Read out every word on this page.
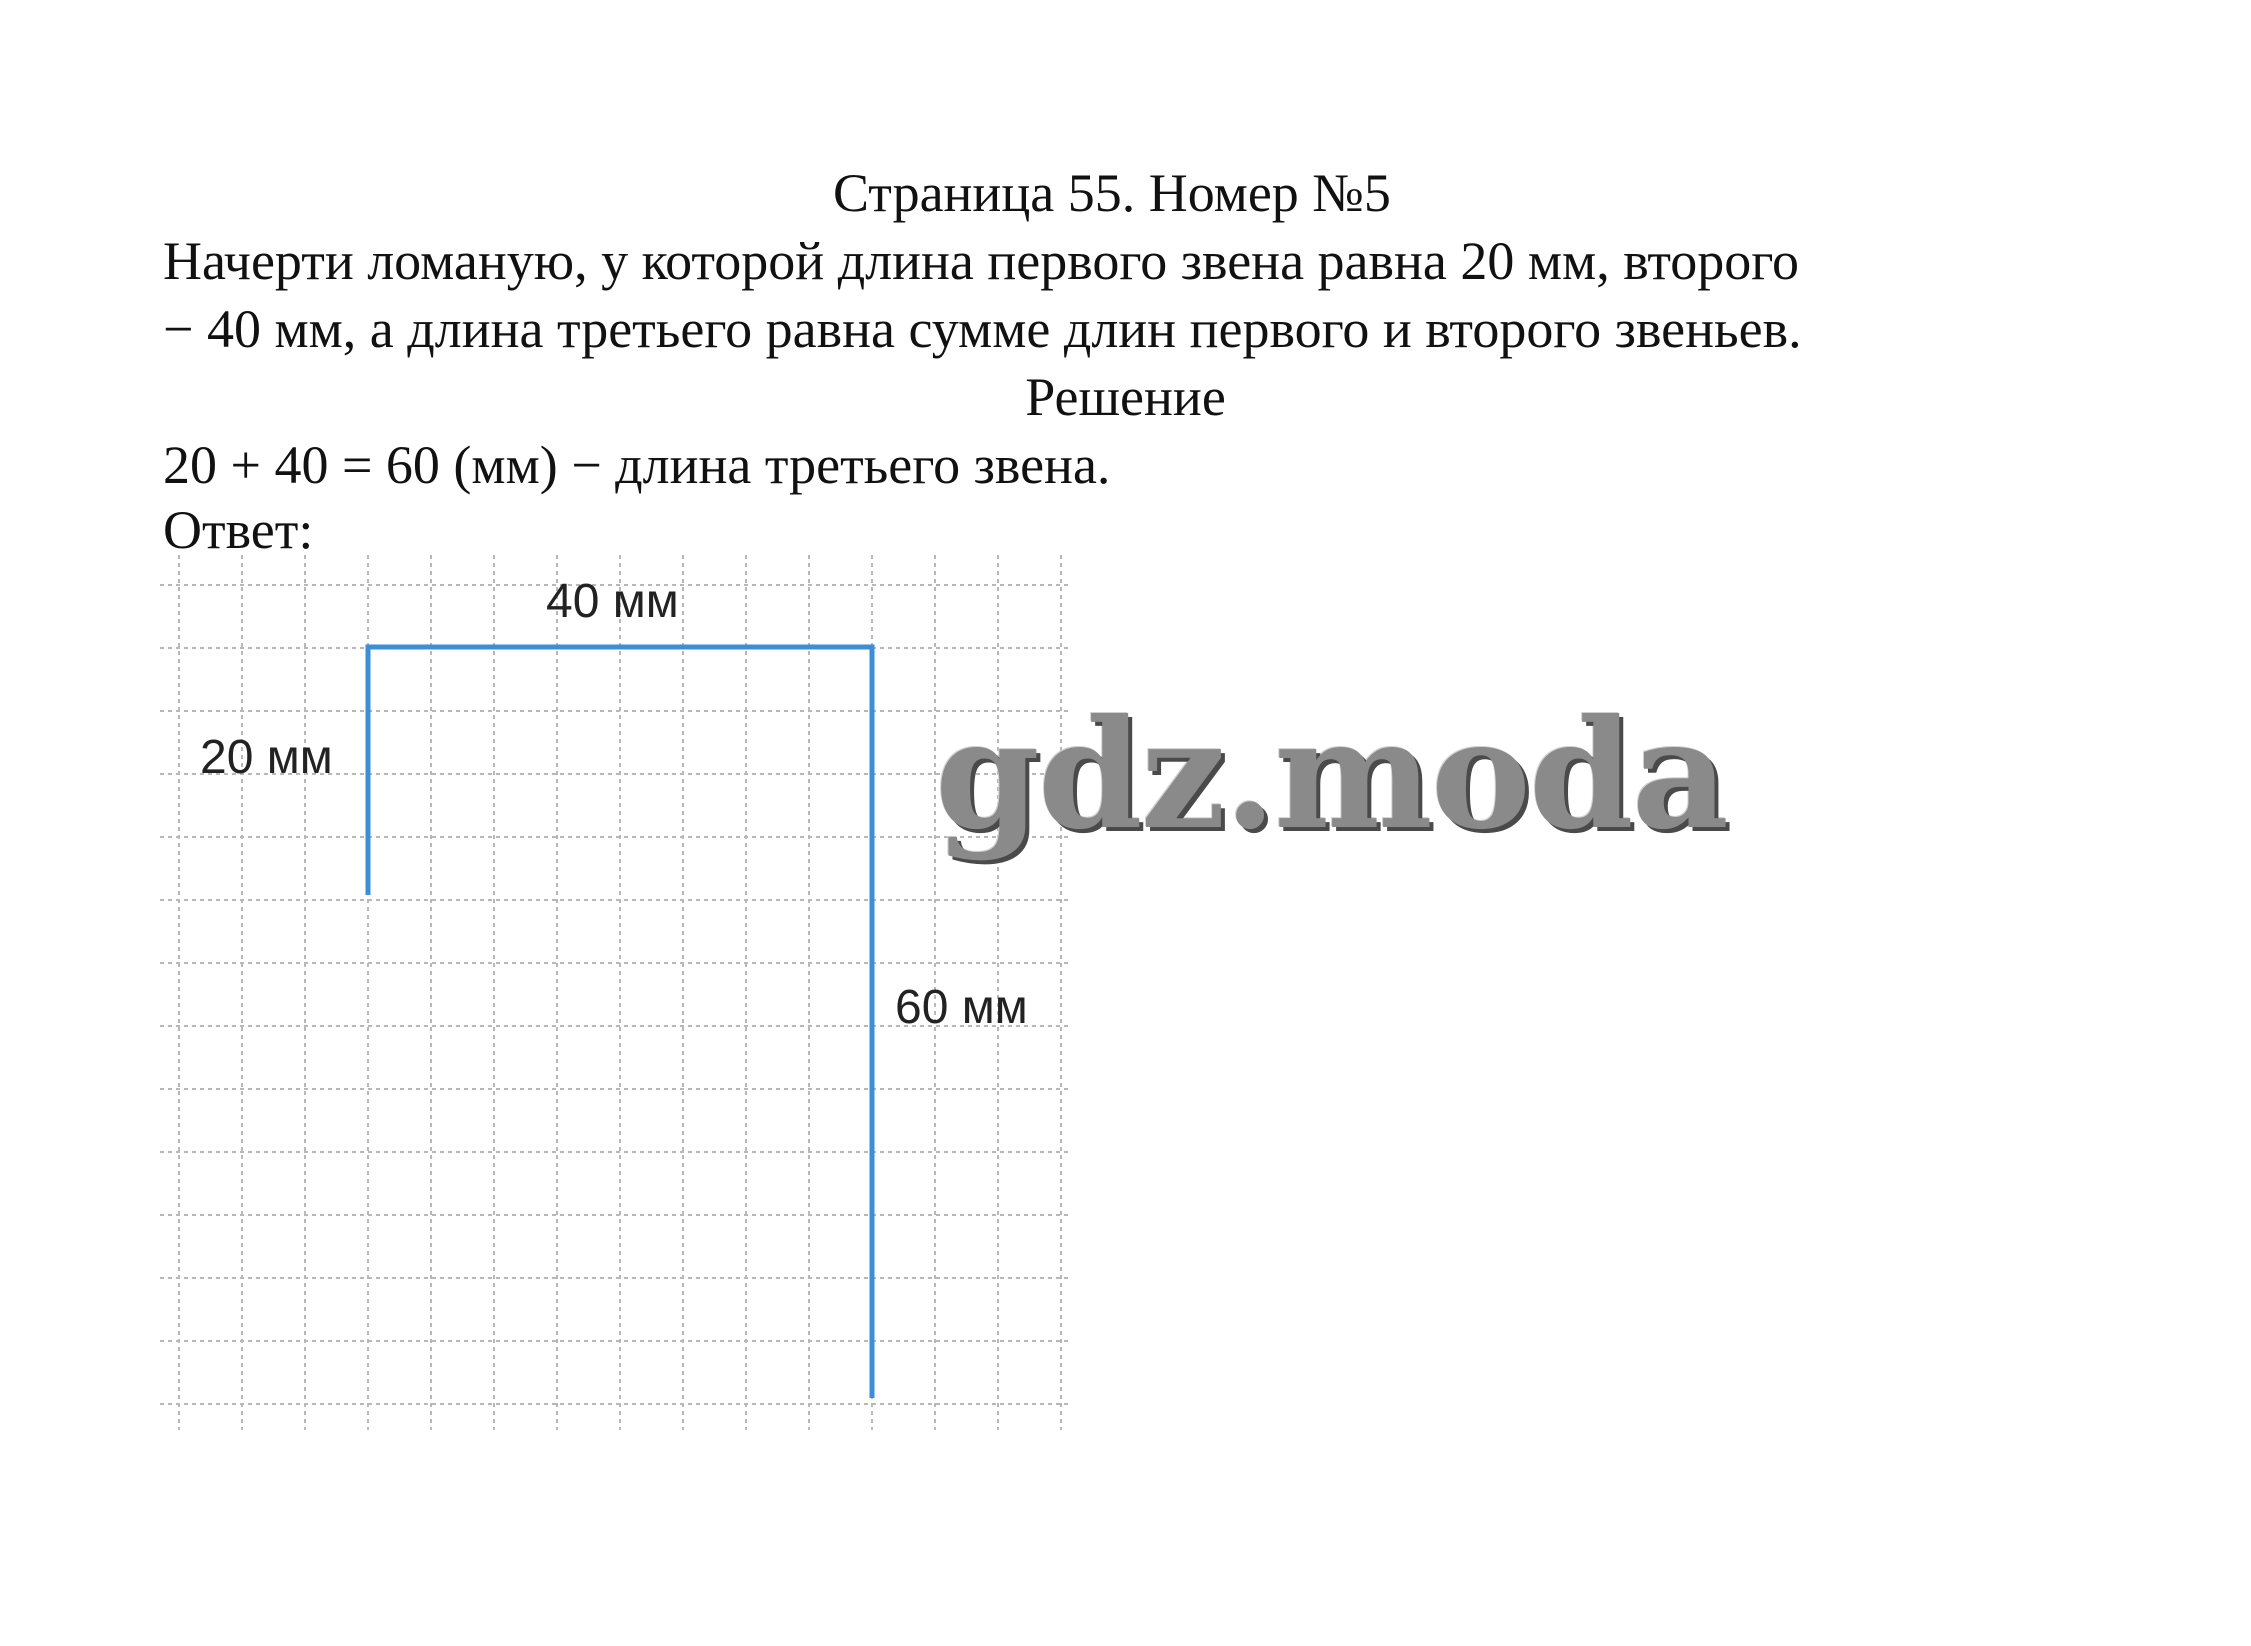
Страница 55. Номер №5
Начерти ломаную, у которой длина первого звена равна 20 мм, второго
− 40 мм, а длина третьего равна сумме длин первого и второго звеньев.
Решение
20 + 40 = 60 (мм) − длина третьего звена.
Ответ:
40 мм
20 мм
60 мм
gdz.moda
